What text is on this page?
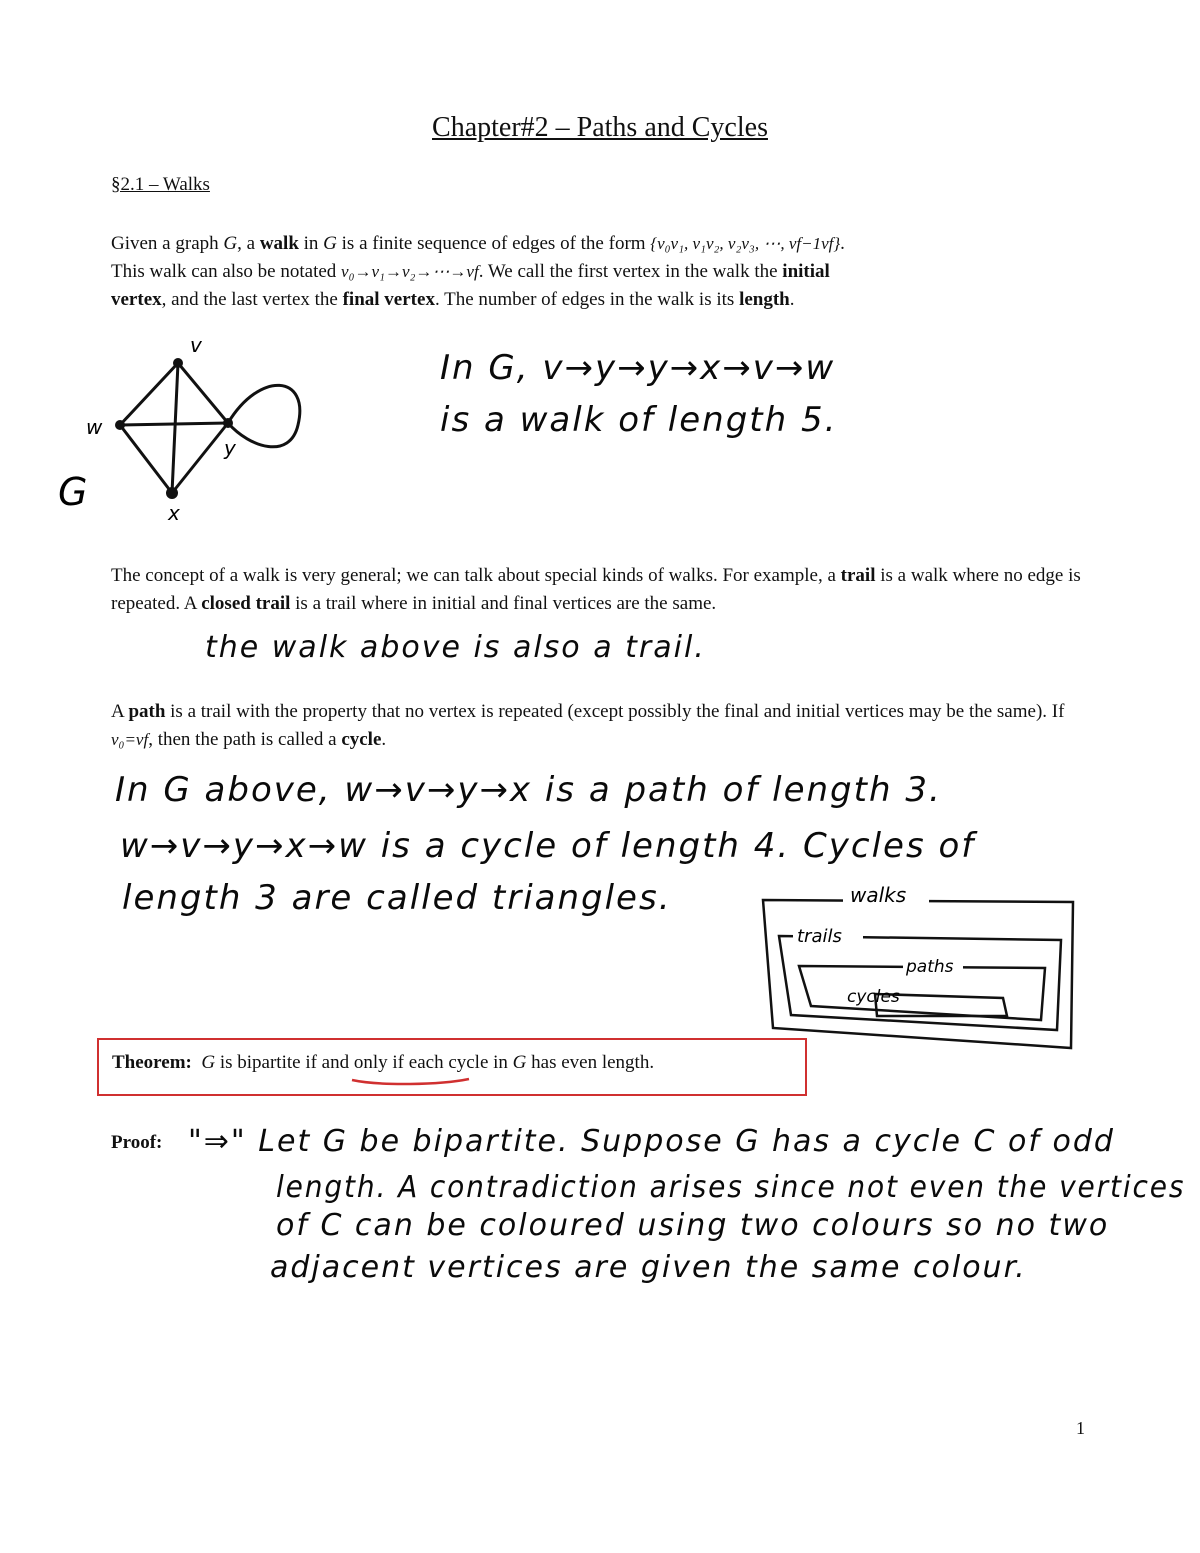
Chapter#2 – Paths and Cycles
§2.1 – Walks
Given a graph G, a walk in G is a finite sequence of edges of the form {v₀v₁, v₁v₂, v₂v₃, ⋯, vf−1vf}.
This walk can also be notated v₀→v₁→v₂→⋯→vf. We call the first vertex in the walk the initial
vertex, and the last vertex the final vertex. The number of edges in the walk is its length.
v
w
y
x
G
In G, v→y→y→x→v→w
is a walk of length 5.
The concept of a walk is very general; we can talk about special kinds of walks. For example, a trail is a walk where no edge is repeated. A closed trail is a trail where in initial and final vertices are the same.
the walk above is also a trail.
A path is a trail with the property that no vertex is repeated (except possibly the final and initial vertices may be the same). If v₀=vf, then the path is called a cycle.
In G above, w→v→y→x is a path of length 3.
w→v→y→x→w is a cycle of length 4. Cycles of
length 3 are called triangles.	walks
trails
paths
cycles
Theorem: G is bipartite if and only if each cycle in G has even length.
Proof: "⇒" Let G be bipartite. Suppose G has a cycle C of odd
length. A contradiction arises since not even the vertices
of C can be coloured using two colours so no two
adjacent vertices are given the same colour.
1
